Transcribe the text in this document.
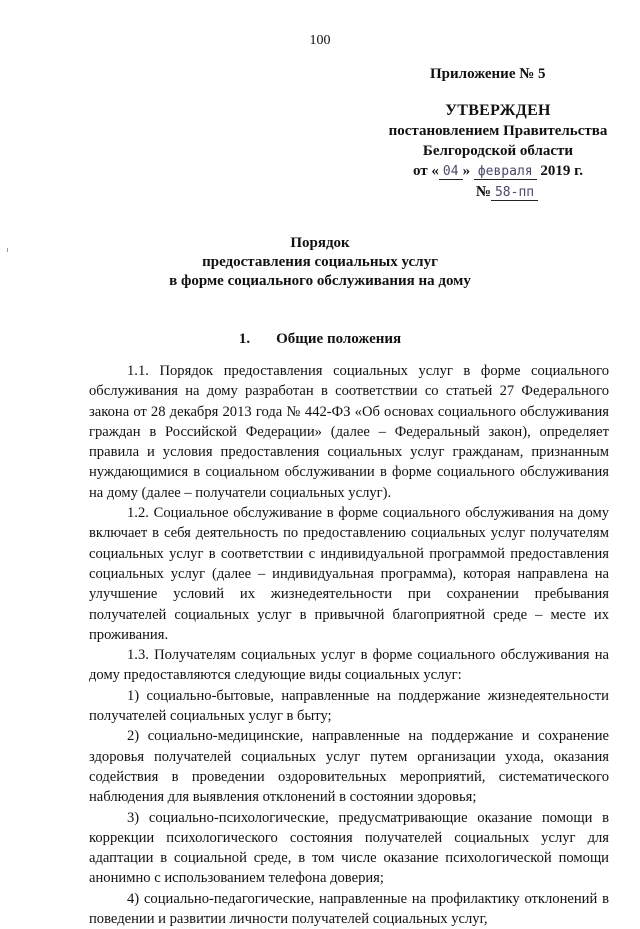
100
Приложение № 5
УТВЕРЖДЕН
постановлением Правительства
Белгородской области
от « 04 » февраля 2019 г.
№ 58-пп
Порядок
предоставления социальных услуг
в форме социального обслуживания на дому
1. Общие положения

1.1. Порядок предоставления социальных услуг в форме социального обслуживания на дому разработан в соответствии со статьей 27 Федерального закона от 28 декабря 2013 года № 442-ФЗ «Об основах социального обслуживания граждан в Российской Федерации» (далее – Федеральный закон), определяет правила и условия предоставления социальных услуг гражданам, признанным нуждающимися в социальном обслуживании в форме социального обслуживания на дому (далее – получатели социальных услуг).

1.2. Социальное обслуживание в форме социального обслуживания на дому включает в себя деятельность по предоставлению социальных услуг получателям социальных услуг в соответствии с индивидуальной программой предоставления социальных услуг (далее – индивидуальная программа), которая направлена на улучшение условий их жизнедеятельности при сохранении пребывания получателей социальных услуг в привычной благоприятной среде – месте их проживания.

1.3. Получателям социальных услуг в форме социального обслуживания на дому предоставляются следующие виды социальных услуг:

1) социально-бытовые, направленные на поддержание жизнедеятельности получателей социальных услуг в быту;

2) социально-медицинские, направленные на поддержание и сохранение здоровья получателей социальных услуг путем организации ухода, оказания содействия в проведении оздоровительных мероприятий, систематического наблюдения для выявления отклонений в состоянии здоровья;

3) социально-психологические, предусматривающие оказание помощи в коррекции психологического состояния получателей социальных услуг для адаптации в социальной среде, в том числе оказание психологической помощи анонимно с использованием телефона доверия;

4) социально-педагогические, направленные на профилактику отклонений в поведении и развитии личности получателей социальных услуг,
